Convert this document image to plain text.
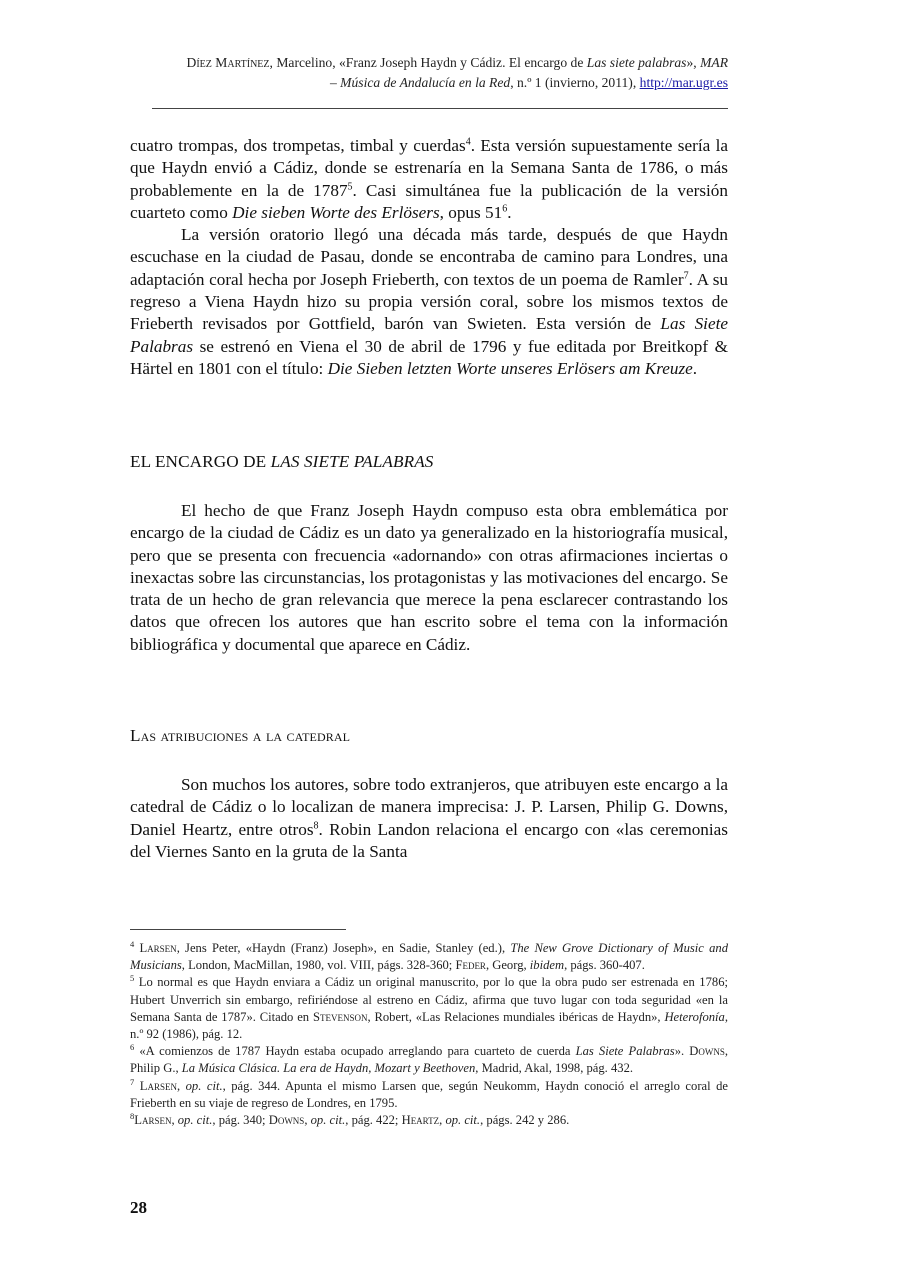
Díez Martínez, Marcelino, «Franz Joseph Haydn y Cádiz. El encargo de Las siete palabras», MAR
– Música de Andalucía en la Red, n.º 1 (invierno, 2011), http://mar.ugr.es

cuatro trompas, dos trompetas, timbal y cuerdas$^4$. Esta versión supuestamente sería la que Haydn envió a Cádiz, donde se estrenaría en la Semana Santa de 1786, o más probablemente en la de 1787$^5$. Casi simultánea fue la publicación de la versión cuarteto como Die sieben Worte des Erlösers, opus $51^6$.

La versión oratorio llegó una década más tarde, después de que Haydn escuchase en la ciudad de Pasau, donde se encontraba de camino para Londres, una adaptación coral hecha por Joseph Frieberth, con textos de un poema de Ramler$^7$. A su regreso a Viena Haydn hizo su propia versión coral, sobre los mismos textos de Frieberth revisados por Gottfield, barón van Swieten. Esta versión de Las Siete Palabras se estrenó en Viena el 30 de abril de 1796 y fue editada por Breitkopf & Härtel en 1801 con el título: Die Sieben letzten Worte unseres Erlösers am Kreuze.

EL ENCARGO DE LAS SIETE PALABRAS

El hecho de que Franz Joseph Haydn compuso esta obra emblemática por encargo de la ciudad de Cádiz es un dato ya generalizado en la historiografía musical, pero que se presenta con frecuencia «adornando» con otras afirmaciones inciertas o inexactas sobre las circunstancias, los protagonistas y las motivaciones del encargo. Se trata de un hecho de gran relevancia que merece la pena esclarecer contrastando los datos que ofrecen los autores que han escrito sobre el tema con la información bibliográfica y documental que aparece en Cádiz.

Las atribuciones a la catedral

Son muchos los autores, sobre todo extranjeros, que atribuyen este encargo a la catedral de Cádiz o lo localizan de manera imprecisa: J. P. Larsen, Philip G. Downs, Daniel Heartz, entre otros$^8$. Robin Landon relaciona el encargo con «las ceremonias del Viernes Santo en la gruta de la Santa

$^4$ Larsen, Jens Peter, «Haydn (Franz) Joseph», en Sadie, Stanley (ed.), The New Grove Dictionary of Music and Musicians, London, MacMillan, 1980, vol. VIII, págs. 328-360; Feder, Georg, ibidem, págs. 360-407.

$^5$ Lo normal es que Haydn enviara a Cádiz un original manuscrito, por lo que la obra pudo ser estrenada en 1786; Hubert Unverrich sin embargo, refiriéndose al estreno en Cádiz, afirma que tuvo lugar con toda seguridad «en la Semana Santa de 1787». Citado en Stevenson, Robert, «Las Relaciones mundiales ibéricas de Haydn», Heterofonía, n.º 92 (1986), pág. 12.

$^6$ «A comienzos de 1787 Haydn estaba ocupado arreglando para cuarteto de cuerda Las Siete Palabras». Downs, Philip G., La Música Clásica. La era de Haydn, Mozart y Beethoven, Madrid, Akal, 1998, pág. 432.

$^7$ Larsen, op. cit., pág. 344. Apunta el mismo Larsen que, según Neukomm, Haydn conoció el arreglo coral de Frieberth en su viaje de regreso de Londres, en 1795.

$^8$Larsen, op. cit., pág. 340; Downs, op. cit., pág. 422; Heartz, op. cit., págs. 242 y 286.

28
